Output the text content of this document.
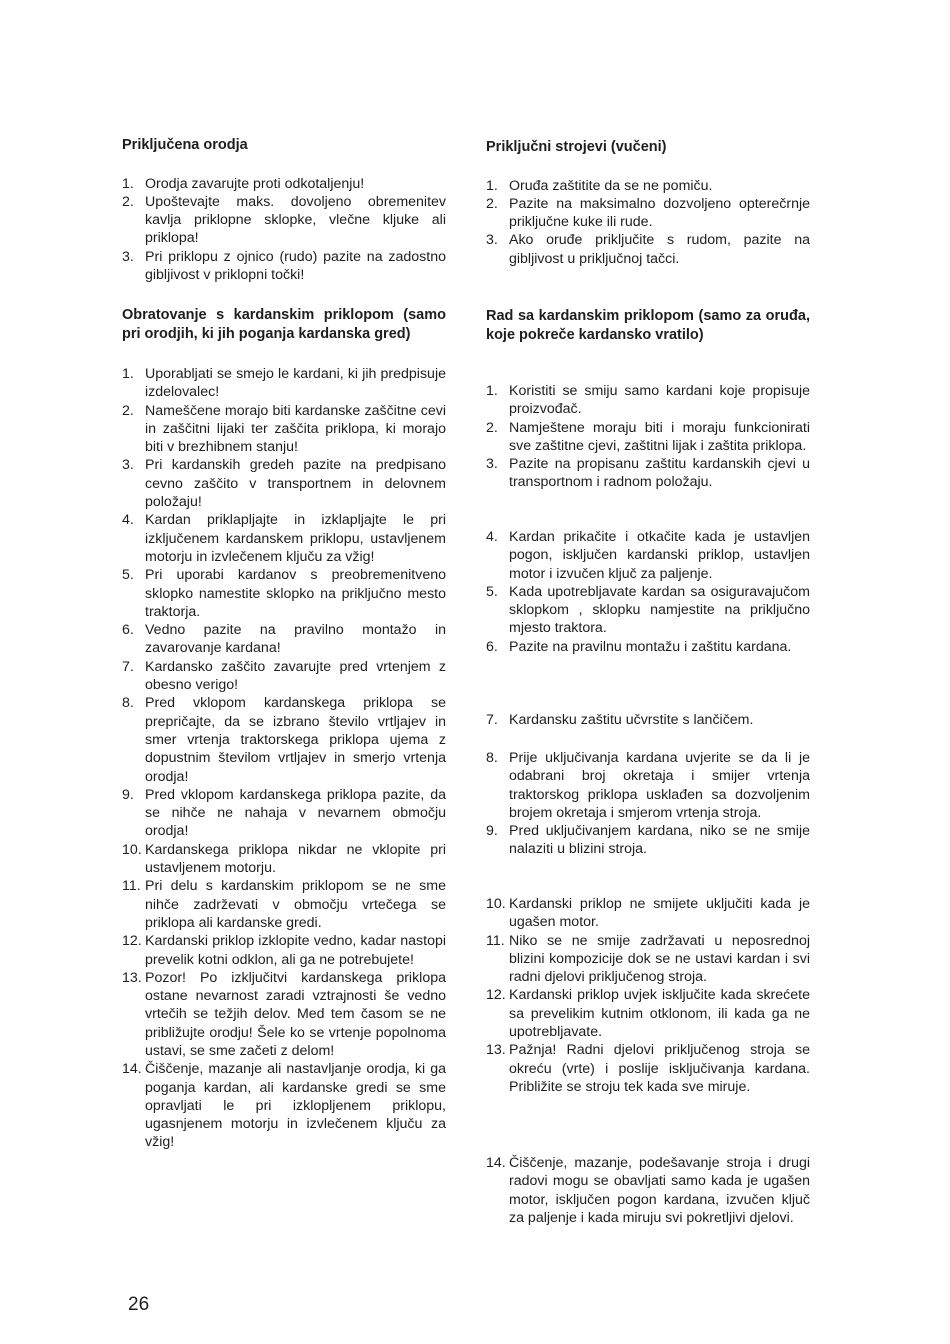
Priključena orodja
1. Orodja zavarujte proti odkotaljenju!
2. Upoštevajte maks. dovoljeno obremenitev kavlja priklopne sklopke, vlečne kljuke ali priklopa!
3. Pri priklopu z ojnico (rudo) pazite na zadostno gibljivost v priklopni točki!
Obratovanje s kardanskim priklopom (samo pri orodjih, ki jih poganja kardanska gred)
1. Uporabljati se smejo le kardani, ki jih predpisuje izdelovalec!
2. Nameščene morajo biti kardanske zaščitne cevi in zaščitni lijaki ter zaščita priklopa, ki morajo biti v brezhibnem stanju!
3. Pri kardanskih gredeh pazite na predpisano cevno zaščito v transportnem in delovnem položaju!
4. Kardan priklapljajte in izklapljajte le pri izključenem kardanskem priklopu, ustavljenem motorju in izvlečenem ključu za vžig!
5. Pri uporabi kardanov s preobremenitveno sklopko namestite sklopko na priključno mesto traktorja.
6. Vedno pazite na pravilno montažo in zavarovanje kardana!
7. Kardansko zaščito zavarujte pred vrtenjem z obesno verigo!
8. Pred vklopom kardanskega priklopa se prepričajte, da se izbrano število vrtljajev in smer vrtenja traktorskega priklopa ujema z dopustnim številom vrtljajev in smerjo vrtenja orodja!
9. Pred vklopom kardanskega priklopa pazite, da se nihče ne nahaja v nevarnem območju orodja!
10. Kardanskega priklopa nikdar ne vklopite pri ustavljenem motorju.
11. Pri delu s kardanskim priklopom se ne sme nihče zadrževati v območju vrtečega se priklopa ali kardanske gredi.
12. Kardanski priklop izklopite vedno, kadar nastopi prevelik kotni odklon, ali ga ne potrebujete!
13. Pozor! Po izključitvi kardanskega priklopa ostane nevarnost zaradi vztrajnosti še vedno vrtečih se težjih delov. Med tem časom se ne približujte orodju! Šele ko se vrtenje popolnoma ustavi, se sme začeti z delom!
14. Čiščenje, mazanje ali nastavljanje orodja, ki ga poganja kardan, ali kardanske gredi se sme opravljati le pri izklopljenem priklopu, ugasnjenem motorju in izvlečenem ključu za vžig!
Priključni strojevi (vučeni)
1. Oruđa zaštitite da se ne pomiču.
2. Pazite na maksimalno dozvoljeno opterečrnje priključne kuke ili rude.
3. Ako oruđe priključite s rudom, pazite na gibljivost u priključnoj tačci.
Rad sa kardanskim priklopom (samo za oruđa, koje pokreče kardansko vratilo)
1. Koristiti se smiju samo kardani koje propisuje proizvođač.
2. Namještene moraju biti i moraju funkcionirati sve zaštitne cjevi, zaštitni lijak i zaštita priklopa.
3. Pazite na propisanu zaštitu kardanskih cjevi u transportnom i radnom položaju.
4. Kardan prikačite i otkačite kada je ustavljen pogon, isključen kardanski priklop, ustavljen motor i izvučen ključ za paljenje.
5. Kada upotrebljavate kardan sa osiguravajučom sklopkom , sklopku namjestite na priključno mjesto traktora.
6. Pazite na pravilnu montažu i zaštitu kardana.
7. Kardansku zaštitu učvrstite s lančičem.
8. Prije uključivanja kardana uvjerite se da li je odabrani broj okretaja i smijer vrtenja traktorskog priklopa usklađen sa dozvoljenim brojem okretaja i smjerom vrtenja stroja.
9. Pred uključivanjem kardana, niko se ne smije nalaziti u blizini stroja.
10. Kardanski priklop ne smijete uključiti kada je ugašen motor.
11. Niko se ne smije zadržavati u neposrednoj blizini kompozicije dok se ne ustavi kardan i svi radni djelovi priključenog stroja.
12. Kardanski priklop uvjek isključite kada skrećete sa prevelikim kutnim otklonom, ili kada ga ne upotrebljavate.
13. Pažnja! Radni djelovi priključenog stroja se okreću (vrte) i poslije isključivanja kardana. Približite se stroju tek kada sve miruje.
14. Čiščenje, mazanje, podešavanje stroja i drugi radovi mogu se obavljati samo kada je ugašen motor, isključen pogon kardana, izvučen ključ za paljenje i kada miruju svi pokretljivi djelovi.
26
